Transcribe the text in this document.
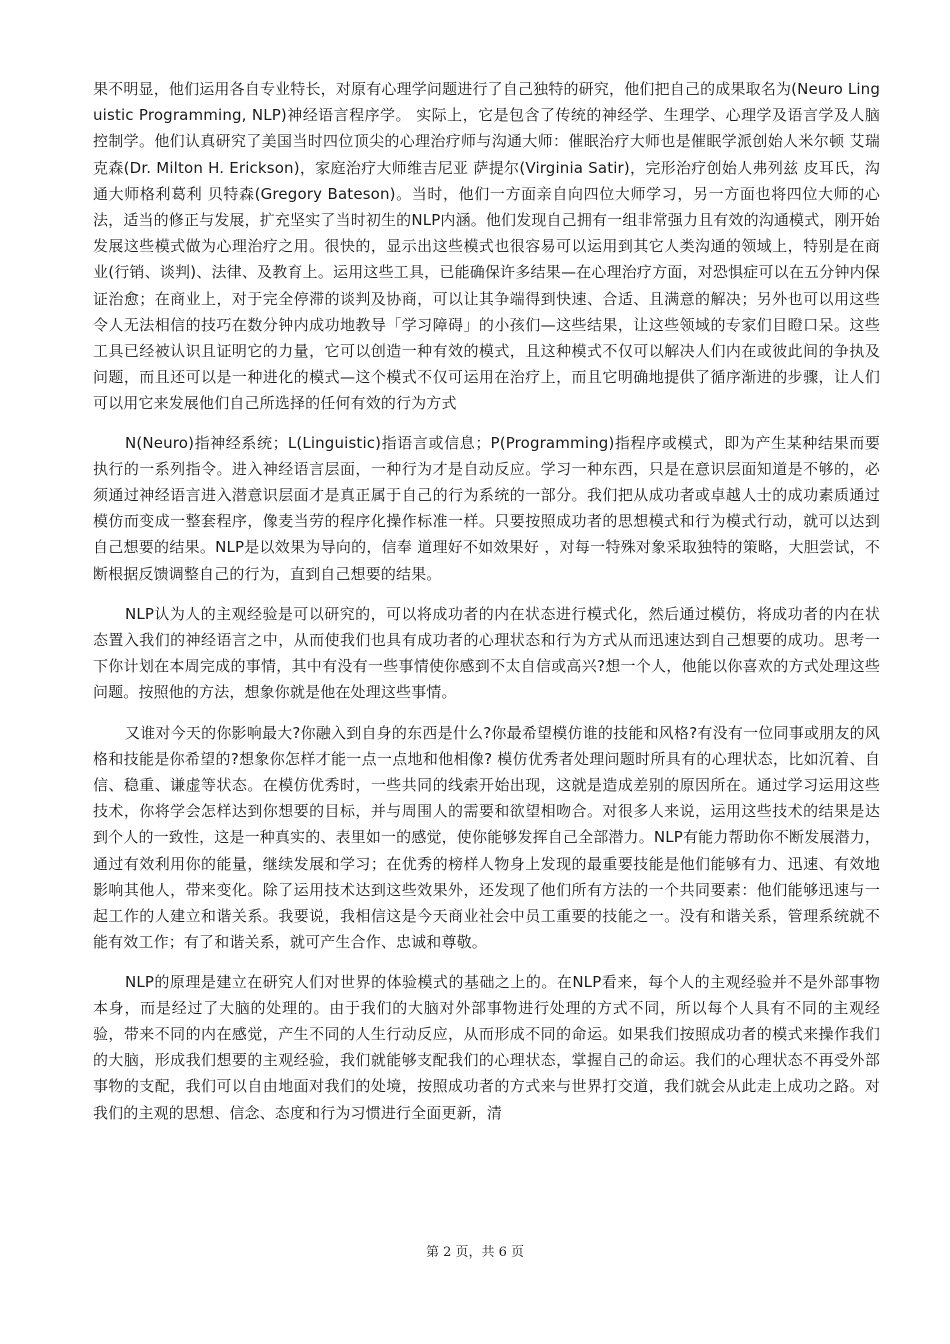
果不明显，他们运用各自专业特长，对原有心理学问题进行了自己独特的研究，他们把自己的成果取名为(Neuro Linguistic Programming, NLP)神经语言程序学。 实际上，它是包含了传统的神经学、生理学、心理学及语言学及人脑控制学。他们认真研究了美国当时四位顶尖的心理治疗师与沟通大师：催眠治疗大师也是催眠学派创始人米尔顿 艾瑞克森(Dr. Milton H. Erickson)，家庭治疗大师维吉尼亚 萨提尔(Virginia Satir)，完形治疗创始人弗列兹 皮耳氏，沟通大师格利葛利 贝特森(Gregory Bateson)。当时，他们一方面亲自向四位大师学习，另一方面也将四位大师的心法，适当的修正与发展，扩充坚实了当时初生的NLP内涵。他们发现自己拥有一组非常强力且有效的沟通模式，刚开始发展这些模式做为心理治疗之用。很快的，显示出这些模式也很容易可以运用到其它人类沟通的领域上，特别是在商业(行销、谈判)、法律、及教育上。运用这些工具，已能确保许多结果—在心理治疗方面，对恐惧症可以在五分钟内保证治愈；在商业上，对于完全停滞的谈判及协商，可以让其争端得到快速、合适、且满意的解决；另外也可以用这些令人无法相信的技巧在数分钟内成功地教导「学习障碍」的小孩们—这些结果，让这些领域的专家们目瞪口呆。这些工具已经被认识且证明它的力量，它可以创造一种有效的模式，且这种模式不仅可以解决人们内在或彼此间的争执及问题，而且还可以是一种进化的模式—这个模式不仅可运用在治疗上，而且它明确地提供了循序渐进的步骤，让人们可以用它来发展他们自己所选择的任何有效的行为方式

N(Neuro)指神经系统；L(Linguistic)指语言或信息；P(Programming)指程序或模式，即为产生某种结果而要执行的一系列指令。进入神经语言层面，一种行为才是自动反应。学习一种东西，只是在意识层面知道是不够的，必须通过神经语言进入潜意识层面才是真正属于自己的行为系统的一部分。我们把从成功者或卓越人士的成功素质通过模仿而变成一整套程序，像麦当劳的程序化操作标准一样。只要按照成功者的思想模式和行为模式行动，就可以达到自己想要的结果。NLP是以效果为导向的，信奉 道理好不如效果好 ，对每一特殊对象采取独特的策略，大胆尝试，不断根据反馈调整自己的行为，直到自己想要的结果。

NLP认为人的主观经验是可以研究的，可以将成功者的内在状态进行模式化，然后通过模仿，将成功者的内在状态置入我们的神经语言之中，从而使我们也具有成功者的心理状态和行为方式从而迅速达到自己想要的成功。思考一下你计划在本周完成的事情，其中有没有一些事情使你感到不太自信或高兴?想一个人，他能以你喜欢的方式处理这些问题。按照他的方法，想象你就是他在处理这些事情。

又谁对今天的你影响最大?你融入到自身的东西是什么?你最希望模仿谁的技能和风格?有没有一位同事或朋友的风格和技能是你希望的?想象你怎样才能一点一点地和他相像? 模仿优秀者处理问题时所具有的心理状态，比如沉着、自信、稳重、谦虚等状态。在模仿优秀时，一些共同的线索开始出现，这就是造成差别的原因所在。通过学习运用这些技术，你将学会怎样达到你想要的目标，并与周围人的需要和欲望相吻合。对很多人来说，运用这些技术的结果是达到个人的一致性，这是一种真实的、表里如一的感觉，使你能够发挥自己全部潜力。NLP有能力帮助你不断发展潜力，通过有效利用你的能量，继续发展和学习；在优秀的榜样人物身上发现的最重要技能是他们能够有力、迅速、有效地影响其他人，带来变化。除了运用技术达到这些效果外，还发现了他们所有方法的一个共同要素：他们能够迅速与一起工作的人建立和谐关系。我要说，我相信这是今天商业社会中员工重要的技能之一。没有和谐关系，管理系统就不能有效工作；有了和谐关系，就可产生合作、忠诚和尊敬。

NLP的原理是建立在研究人们对世界的体验模式的基础之上的。在NLP看来，每个人的主观经验并不是外部事物本身，而是经过了大脑的处理的。由于我们的大脑对外部事物进行处理的方式不同，所以每个人具有不同的主观经验，带来不同的内在感觉，产生不同的人生行动反应，从而形成不同的命运。如果我们按照成功者的模式来操作我们的大脑，形成我们想要的主观经验，我们就能够支配我们的心理状态，掌握自己的命运。我们的心理状态不再受外部事物的支配，我们可以自由地面对我们的处境，按照成功者的方式来与世界打交道，我们就会从此走上成功之路。对我们的主观的思想、信念、态度和行为习惯进行全面更新，清

第 2 页，共 6 页
